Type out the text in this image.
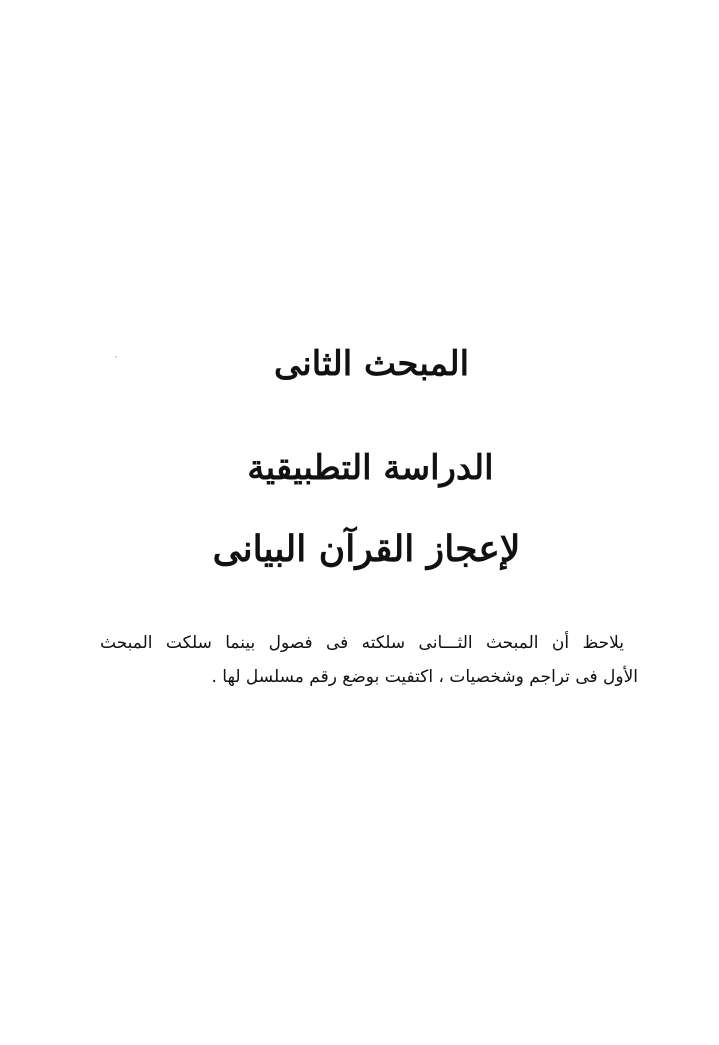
المبحث الثانى
الدراسة التطبيقية
لإعجاز القرآن البيانى
يلاحظ أن المبحث الثـــانى سلكته فى فصول بينما سلكت المبحث
الأول فى تراجم وشخصيات ، اكتفيت بوضع رقم مسلسل لها .
